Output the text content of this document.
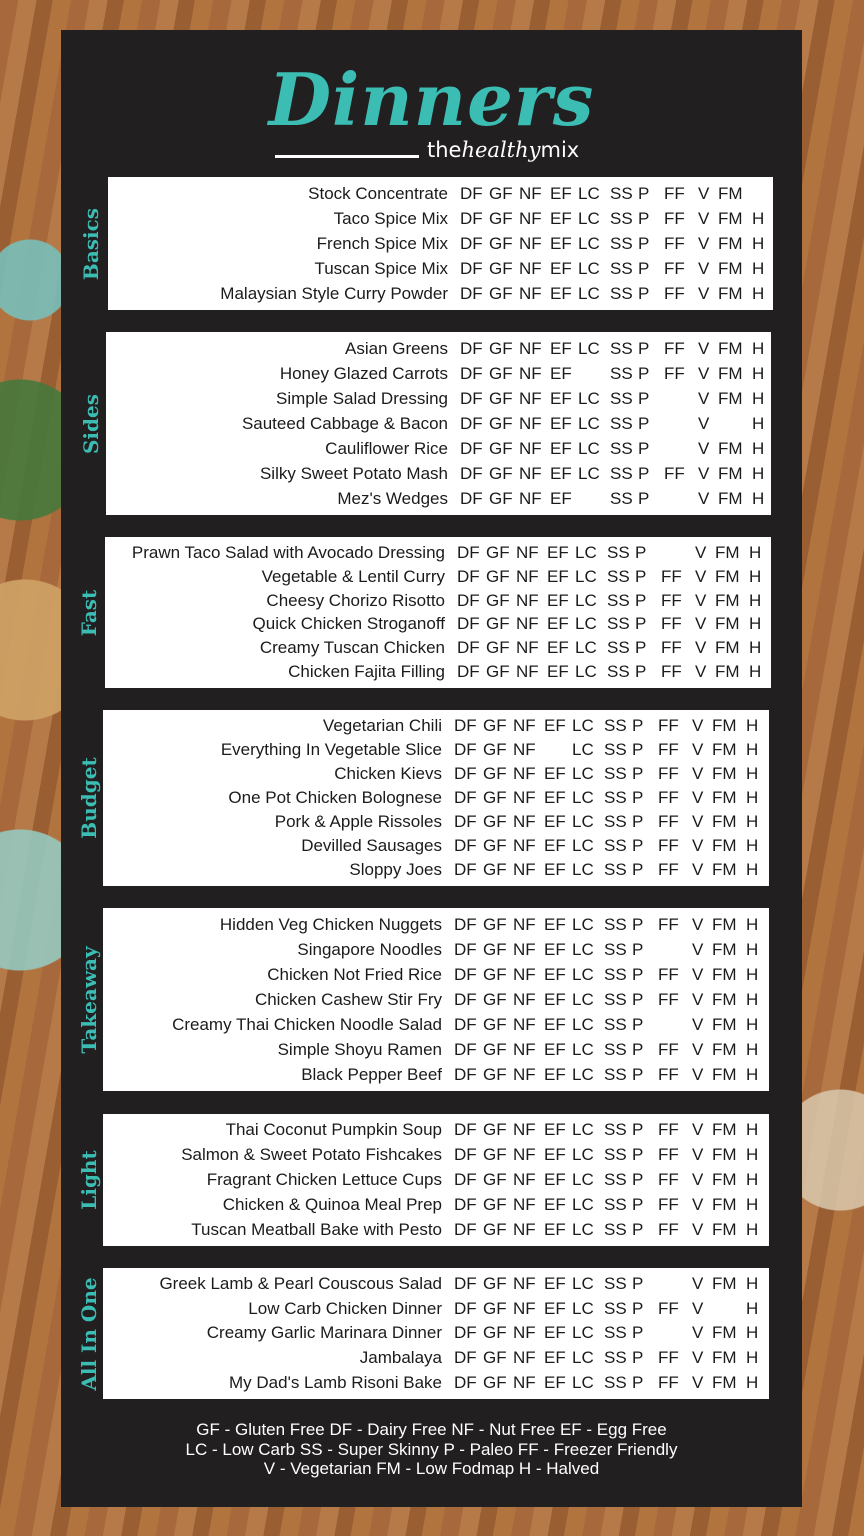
Dinners
thehealthymix
Basics
Stock Concentrate DF GF NF EF LC SS P FF V FM
Taco Spice Mix DF GF NF EF LC SS P FF V FM H
French Spice Mix DF GF NF EF LC SS P FF V FM H
Tuscan Spice Mix DF GF NF EF LC SS P FF V FM H
Malaysian Style Curry Powder DF GF NF EF LC SS P FF V FM H
Sides
Asian Greens DF GF NF EF LC SS P FF V FM H
Honey Glazed Carrots DF GF NF EF	SS P FF V FM H
Simple Salad Dressing DF GF NF EF LC SS P	V FM H
Sauteed Cabbage & Bacon DF GF NF EF LC SS P	V	H
Cauliflower Rice DF GF NF EF LC SS P	V FM H
Silky Sweet Potato Mash DF GF NF EF LC SS P FF V FM H
Mez's Wedges DF GF NF EF	SS P	V FM H
Fast
Prawn Taco Salad with Avocado Dressing DF GF NF EF LC SS P	V FM H
Vegetable & Lentil Curry DF GF NF EF LC SS P FF V FM H
Cheesy Chorizo Risotto DF GF NF EF LC SS P FF V FM H
Quick Chicken Stroganoff DF GF NF EF LC SS P FF V FM H
Creamy Tuscan Chicken DF GF NF EF LC SS P FF V FM H
Chicken Fajita Filling DF GF NF EF LC SS P FF V FM H
Budget
Vegetarian Chili DF GF NF EF LC SS P FF V FM H
Everything In Vegetable Slice DF GF NF	LC SS P FF V FM H
Chicken Kievs DF GF NF EF LC SS P FF V FM H
One Pot Chicken Bolognese DF GF NF EF LC SS P FF V FM H
Pork & Apple Rissoles DF GF NF EF LC SS P FF V FM H
Devilled Sausages DF GF NF EF LC SS P FF V FM H
Sloppy Joes DF GF NF EF LC SS P FF V FM H
Takeaway
Hidden Veg Chicken Nuggets DF GF NF EF LC SS P FF V FM H
Singapore Noodles DF GF NF EF LC SS P	V FM H
Chicken Not Fried Rice DF GF NF EF LC SS P FF V FM H
Chicken Cashew Stir Fry DF GF NF EF LC SS P FF V FM H
Creamy Thai Chicken Noodle Salad DF GF NF EF LC SS P	V FM H
Simple Shoyu Ramen DF GF NF EF LC SS P FF V FM H
Black Pepper Beef DF GF NF EF LC SS P FF V FM H
Light
Thai Coconut Pumpkin Soup DF GF NF EF LC SS P FF V FM H
Salmon & Sweet Potato Fishcakes DF GF NF EF LC SS P FF V FM H
Fragrant Chicken Lettuce Cups DF GF NF EF LC SS P FF V FM H
Chicken & Quinoa Meal Prep DF GF NF EF LC SS P FF V FM H
Tuscan Meatball Bake with Pesto DF GF NF EF LC SS P FF V FM H
All In One	Greek Lamb & Pearl Couscous Salad DF GF NF EF LC SS P	V FM H
Low Carb Chicken Dinner DF GF NF EF LC SS P FF V	H
Creamy Garlic Marinara Dinner DF GF NF EF LC SS P	V FM H
Jambalaya DF GF NF EF LC SS P FF V FM H
My Dad's Lamb Risoni Bake DF GF NF EF LC SS P FF V FM H
GF - Gluten Free DF - Dairy Free NF - Nut Free EF - Egg Free
LC - Low Carb SS - Super Skinny P - Paleo FF - Freezer Friendly
V - Vegetarian FM - Low Fodmap H - Halved
